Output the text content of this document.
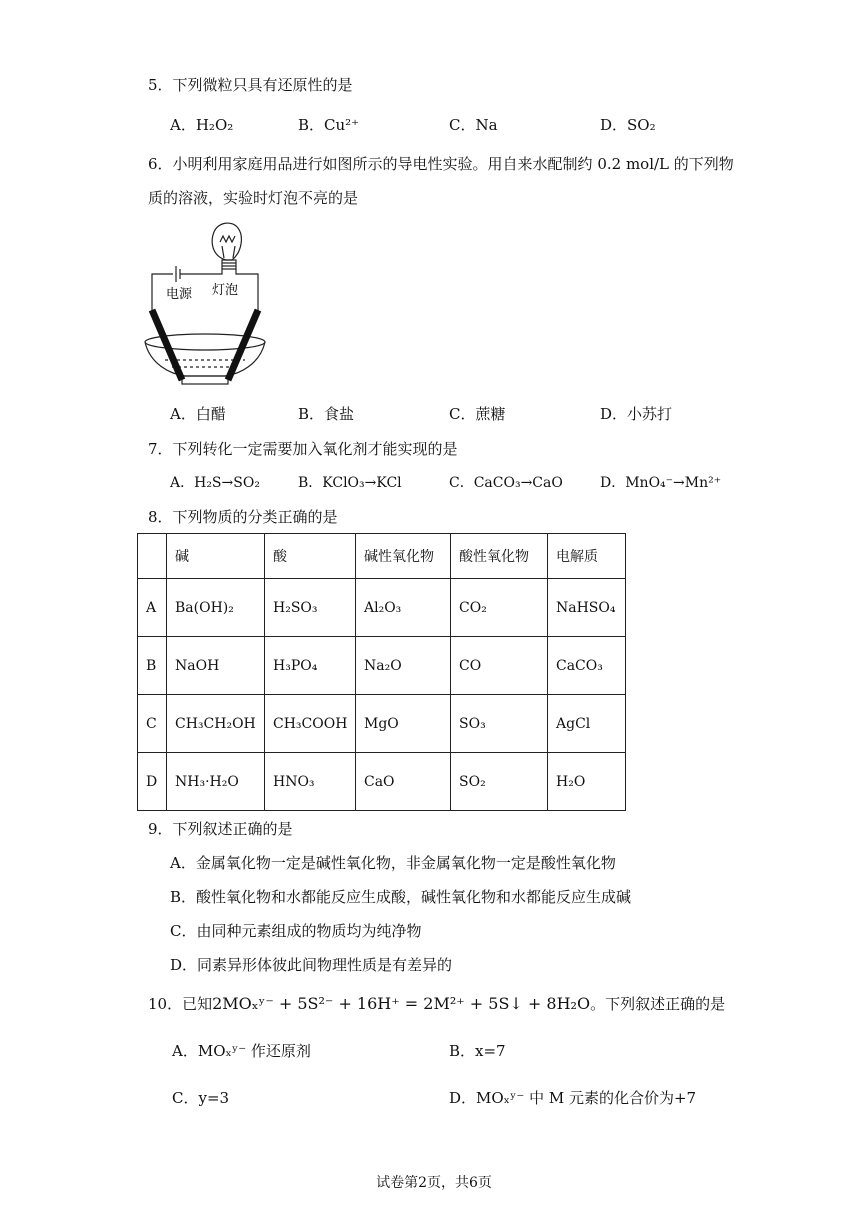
5．下列微粒只具有还原性的是
A．H₂O₂	B．Cu²⁺	C．Na	D．SO₂
6．小明利用家庭用品进行如图所示的导电性实验。用自来水配制约 0.2 mol/L 的下列物
质的溶液，实验时灯泡不亮的是
电源 灯泡
A．白醋	B．食盐	C．蔗糖	D．小苏打
7．下列转化一定需要加入氧化剂才能实现的是
A．H₂S→SO₂	B．KClO₃→KCl	C．CaCO₃→CaO	D．MnO₄⁻→Mn²⁺
8．下列物质的分类正确的是
	碱	酸	碱性氧化物	酸性氧化物	电解质
A	Ba(OH)₂	H₂SO₃	Al₂O₃	CO₂	NaHSO₄
B	NaOH	H₃PO₄	Na₂O	CO	CaCO₃
C	CH₃CH₂OH	CH₃COOH	MgO	SO₃	AgCl
D	NH₃·H₂O	HNO₃	CaO	SO₂	H₂O
9．下列叙述正确的是
A．金属氧化物一定是碱性氧化物，非金属氧化物一定是酸性氧化物
B．酸性氧化物和水都能反应生成酸，碱性氧化物和水都能反应生成碱
C．由同种元素组成的物质均为纯净物
D．同素异形体彼此间物理性质是有差异的
10．已知2MOₓʸ⁻ + 5S²⁻ + 16H⁺ = 2M²⁺ + 5S↓ + 8H₂O。下列叙述正确的是
A．MOₓʸ⁻ 作还原剂	B．x=7
C．y=3	D．MOₓʸ⁻ 中 M 元素的化合价为+7
试卷第2页，共6页
